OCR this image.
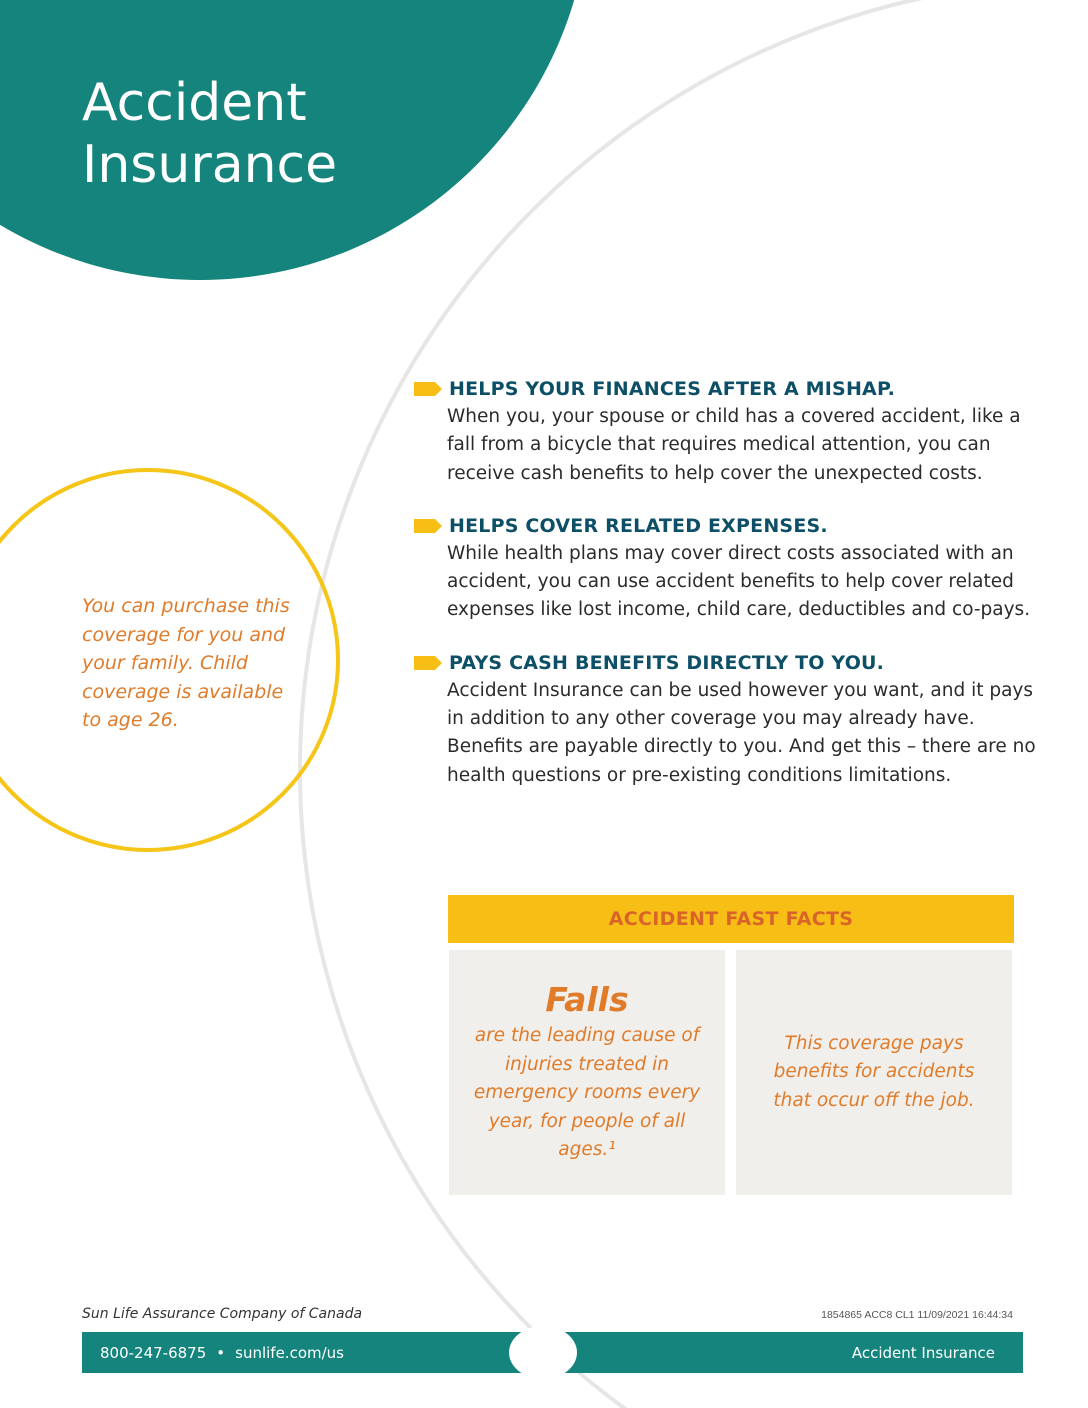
Accident
Insurance
You can purchase this coverage for you and your family. Child coverage is available to age 26.
HELPS YOUR FINANCES AFTER A MISHAP.
When you, your spouse or child has a covered accident, like a fall from a bicycle that requires medical attention, you can receive cash benefits to help cover the unexpected costs.
HELPS COVER RELATED EXPENSES.
While health plans may cover direct costs associated with an accident, you can use accident benefits to help cover related expenses like lost income, child care, deductibles and co-pays.
PAYS CASH BENEFITS DIRECTLY TO YOU.
Accident Insurance can be used however you want, and it pays in addition to any other coverage you may already have. Benefits are payable directly to you. And get this – there are no health questions or pre-existing conditions limitations.
ACCIDENT FAST FACTS
Falls
are the leading cause of injuries treated in emergency rooms every year, for people of all ages.¹
This coverage pays benefits for accidents that occur off the job.
Sun Life Assurance Company of Canada	1854865 ACC8 CL1 11/09/2021 16:44:34
800-247-6875 • sunlife.com/us	Accident Insurance
